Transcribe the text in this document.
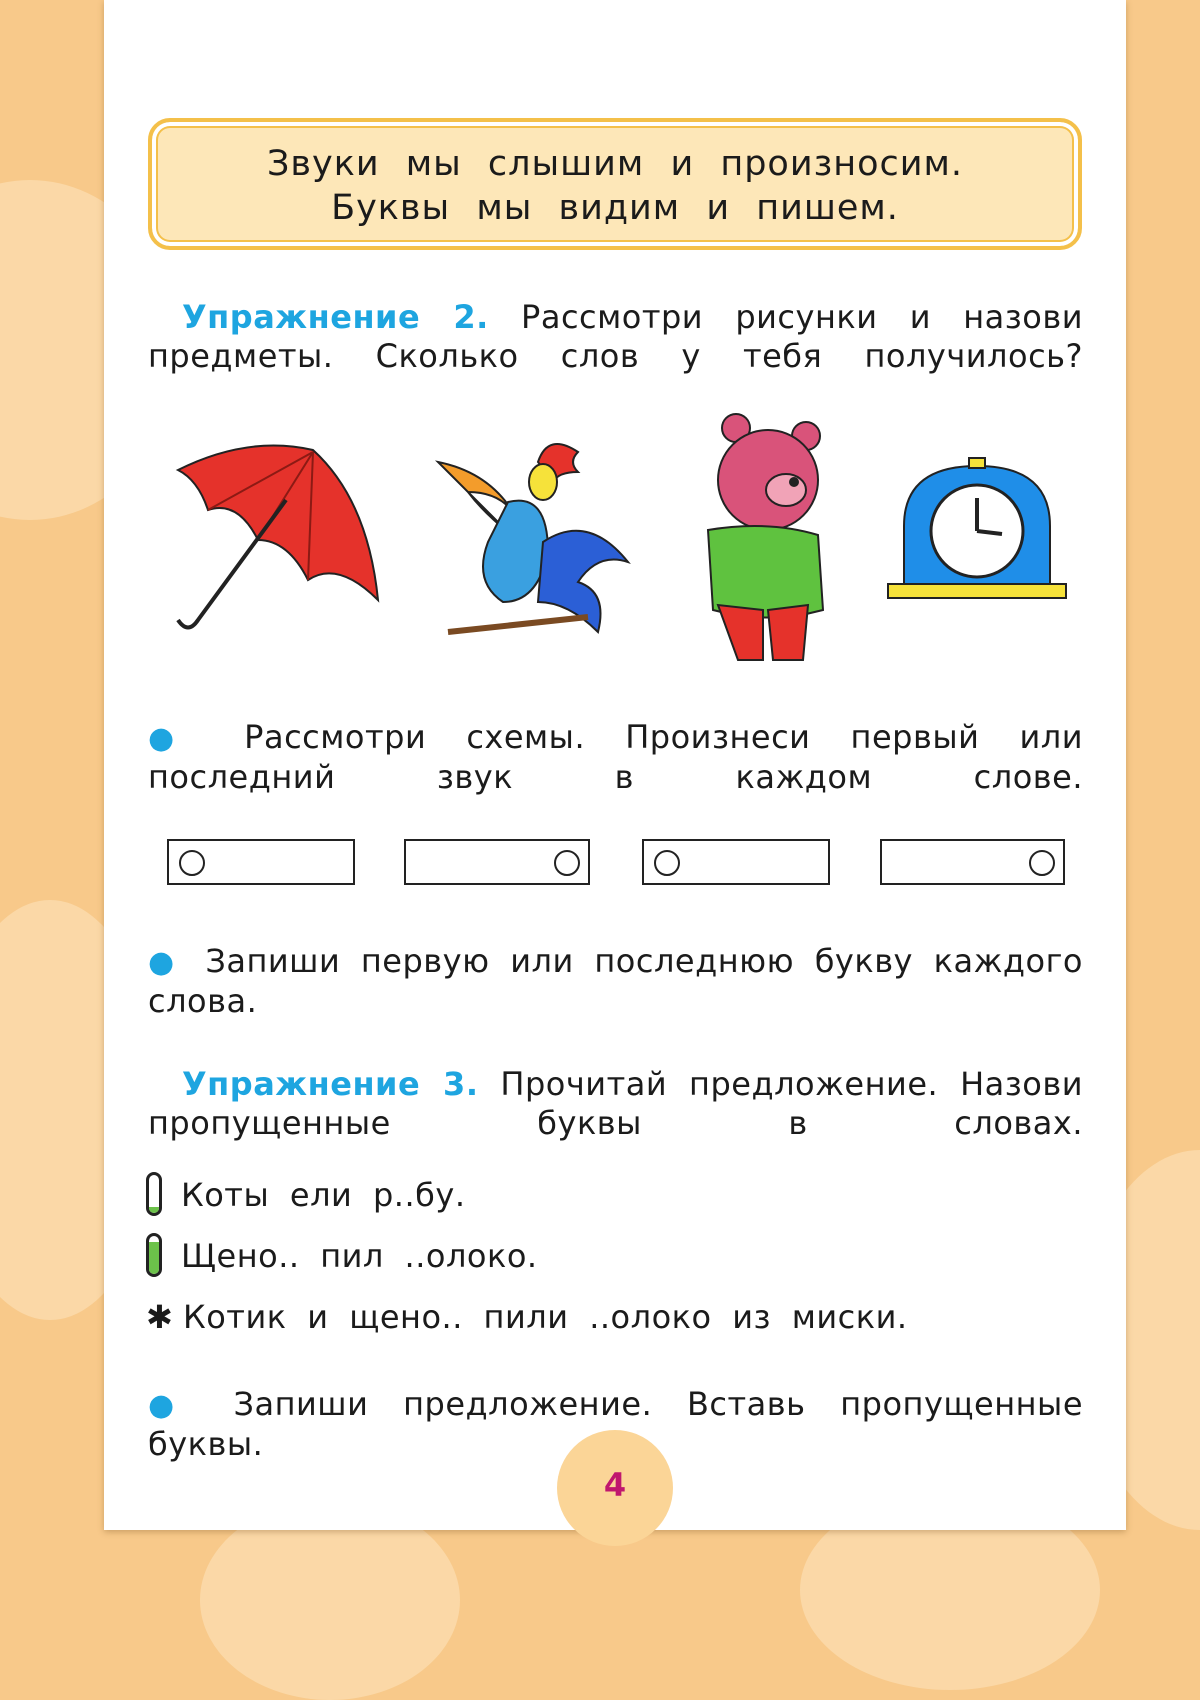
Звуки мы слышим и произносим.
Буквы мы видим и пишем.
Упражнение 2. Рассмотри рисунки и назови предметы. Сколько слов у тебя получилось?
● Рассмотри схемы. Произнеси первый или последний звук в каждом слове.
● Запиши первую или последнюю букву каждого слова.
Упражнение 3. Прочитай предложение. Назови пропущенные буквы в словах.
Коты ели р..бу.
Щено.. пил ..олоко.
✱ Котик и щено.. пили ..олоко из миски.
● Запиши предложение. Вставь пропущенные буквы.
4
